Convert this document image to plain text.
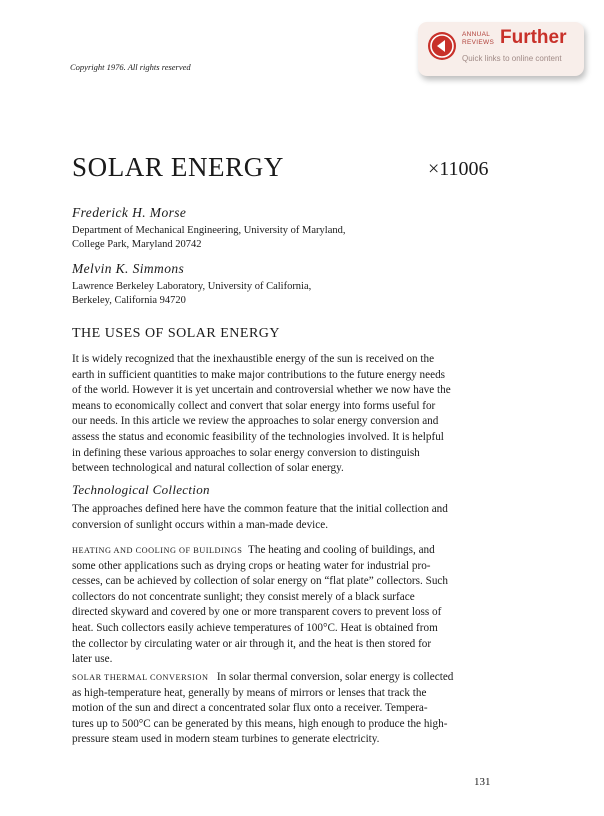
ANNUAL
REVIEWS Further
Quick links to online content
Copyright 1976. All rights reserved
SOLAR ENERGY	×11006
Frederick H. Morse
Department of Mechanical Engineering, University of Maryland,
College Park, Maryland 20742
Melvin K. Simmons
Lawrence Berkeley Laboratory, University of California,
Berkeley, California 94720
THE USES OF SOLAR ENERGY

It is widely recognized that the inexhaustible energy of the sun is received on the

earth in sufficient quantities to make major contributions to the future energy needs

of the world. However it is yet uncertain and controversial whether we now have the

means to economically collect and convert that solar energy into forms useful for

our needs. In this article we review the approaches to solar energy conversion and

assess the status and economic feasibility of the technologies involved. It is helpful

in defining these various approaches to solar energy conversion to distinguish

between technological and natural collection of solar energy.

Technological Collection

The approaches defined here have the common feature that the initial collection and

conversion of sunlight occurs within a man-made device.

HEATING AND COOLING OF BUILDINGS The heating and cooling of buildings, and

some other applications such as drying crops or heating water for industrial pro-

cesses, can be achieved by collection of solar energy on “flat plate” collectors. Such

collectors do not concentrate sunlight; they consist merely of a black surface

directed skyward and covered by one or more transparent covers to prevent loss of

heat. Such collectors easily achieve temperatures of 100°C. Heat is obtained from

the collector by circulating water or air through it, and the heat is then stored for

later use.

SOLAR THERMAL CONVERSION In solar thermal conversion, solar energy is collected

as high-temperature heat, generally by means of mirrors or lenses that track the

motion of the sun and direct a concentrated solar flux onto a receiver. Tempera-

tures up to 500°C can be generated by this means, high enough to produce the high-

pressure steam used in modern steam turbines to generate electricity.

131
